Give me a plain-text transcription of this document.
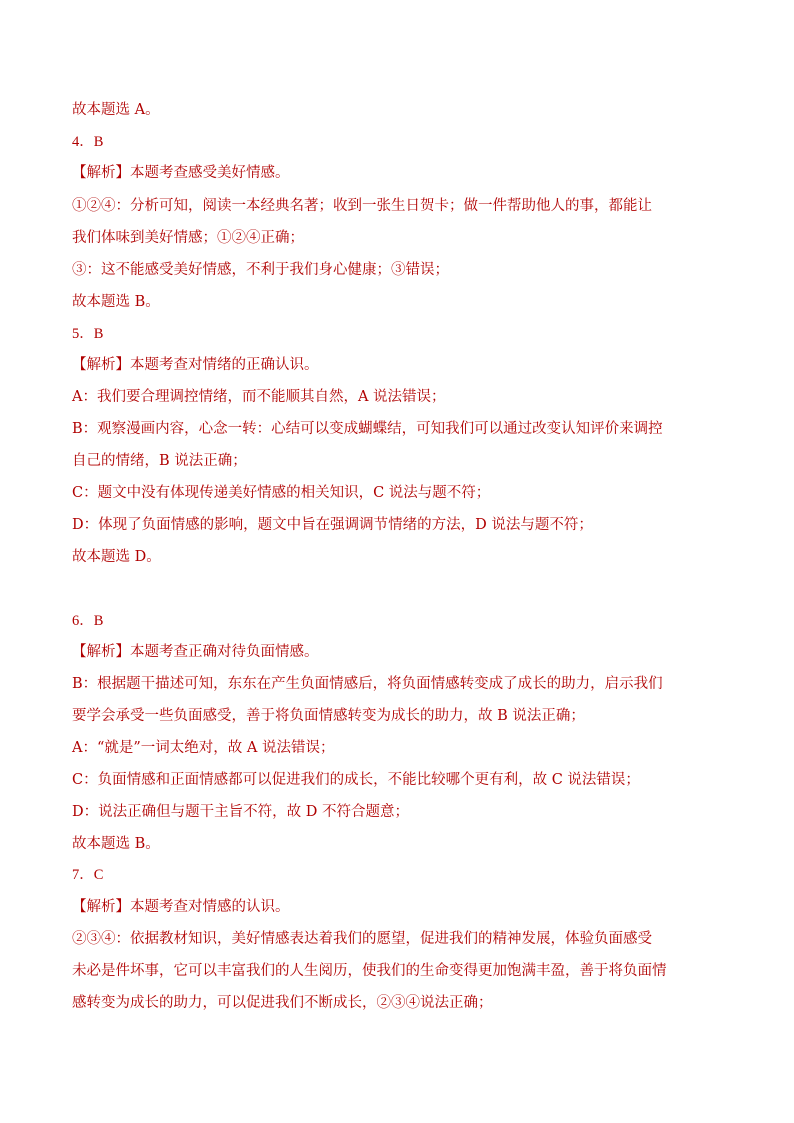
故本题选 A。
4．B
【解析】本题考查感受美好情感。
①②④：分析可知，阅读一本经典名著；收到一张生日贺卡；做一件帮助他人的事，都能让
我们体味到美好情感；①②④正确；
③：这不能感受美好情感，不利于我们身心健康；③错误；
故本题选 B。
5．B
【解析】本题考查对情绪的正确认识。
A：我们要合理调控情绪，而不能顺其自然，A 说法错误；
B：观察漫画内容，心念一转：心结可以变成蝴蝶结，可知我们可以通过改变认知评价来调控
自己的情绪，B 说法正确；
C：题文中没有体现传递美好情感的相关知识，C 说法与题不符；
D：体现了负面情感的影响，题文中旨在强调调节情绪的方法，D 说法与题不符；
故本题选 D。
6．B
【解析】本题考查正确对待负面情感。
B：根据题干描述可知，东东在产生负面情感后，将负面情感转变成了成长的助力，启示我们
要学会承受一些负面感受，善于将负面情感转变为成长的助力，故 B 说法正确；
A：“就是”一词太绝对，故 A 说法错误；
C：负面情感和正面情感都可以促进我们的成长，不能比较哪个更有利，故 C 说法错误；
D：说法正确但与题干主旨不符，故 D 不符合题意；
故本题选 B。
7．C
【解析】本题考查对情感的认识。
②③④：依据教材知识，美好情感表达着我们的愿望，促进我们的精神发展，体验负面感受
未必是件坏事，它可以丰富我们的人生阅历，使我们的生命变得更加饱满丰盈，善于将负面情
感转变为成长的助力，可以促进我们不断成长，②③④说法正确；
